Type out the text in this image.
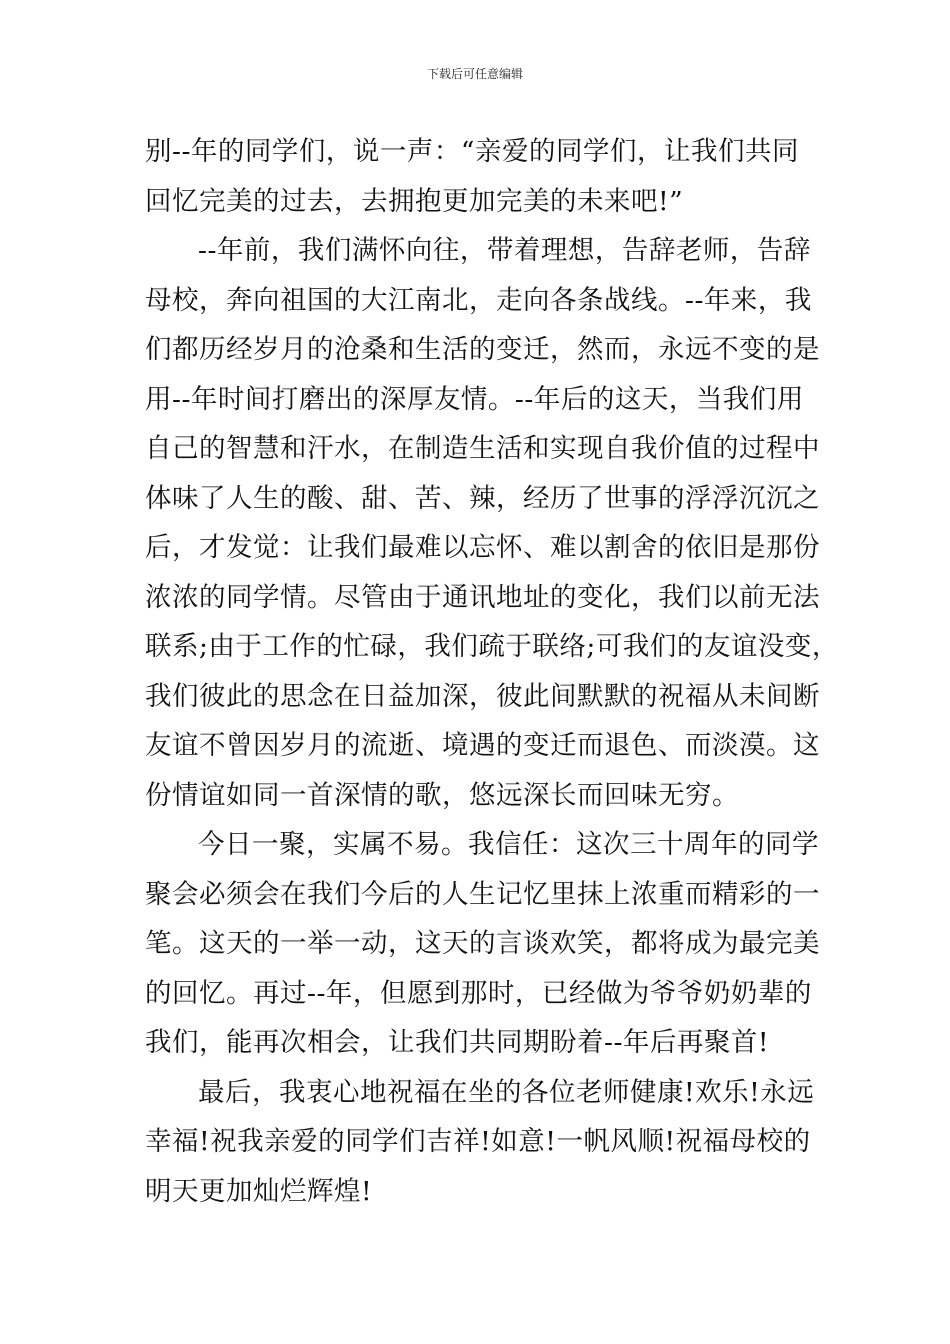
下载后可任意编辑
别--年的同学们，说一声：“亲爱的同学们，让我们共同
回忆完美的过去，去拥抱更加完美的未来吧!”
--年前，我们满怀向往，带着理想，告辞老师，告辞
母校，奔向祖国的大江南北，走向各条战线。--年来，我
们都历经岁月的沧桑和生活的变迁，然而，永远不变的是
用--年时间打磨出的深厚友情。--年后的这天，当我们用
自己的智慧和汗水，在制造生活和实现自我价值的过程中
体味了人生的酸、甜、苦、辣，经历了世事的浮浮沉沉之
后，才发觉：让我们最难以忘怀、难以割舍的依旧是那份
浓浓的同学情。尽管由于通讯地址的变化，我们以前无法
联系;由于工作的忙碌，我们疏于联络;可我们的友谊没变，
我们彼此的思念在日益加深，彼此间默默的祝福从未间断
友谊不曾因岁月的流逝、境遇的变迁而退色、而淡漠。这
份情谊如同一首深情的歌，悠远深长而回味无穷。
今日一聚，实属不易。我信任：这次三十周年的同学
聚会必须会在我们今后的人生记忆里抹上浓重而精彩的一
笔。这天的一举一动，这天的言谈欢笑，都将成为最完美
的回忆。再过--年，但愿到那时，已经做为爷爷奶奶辈的
我们，能再次相会，让我们共同期盼着--年后再聚首!
最后，我衷心地祝福在坐的各位老师健康!欢乐!永远
幸福!祝我亲爱的同学们吉祥!如意!一帆风顺!祝福母校的
明天更加灿烂辉煌!
